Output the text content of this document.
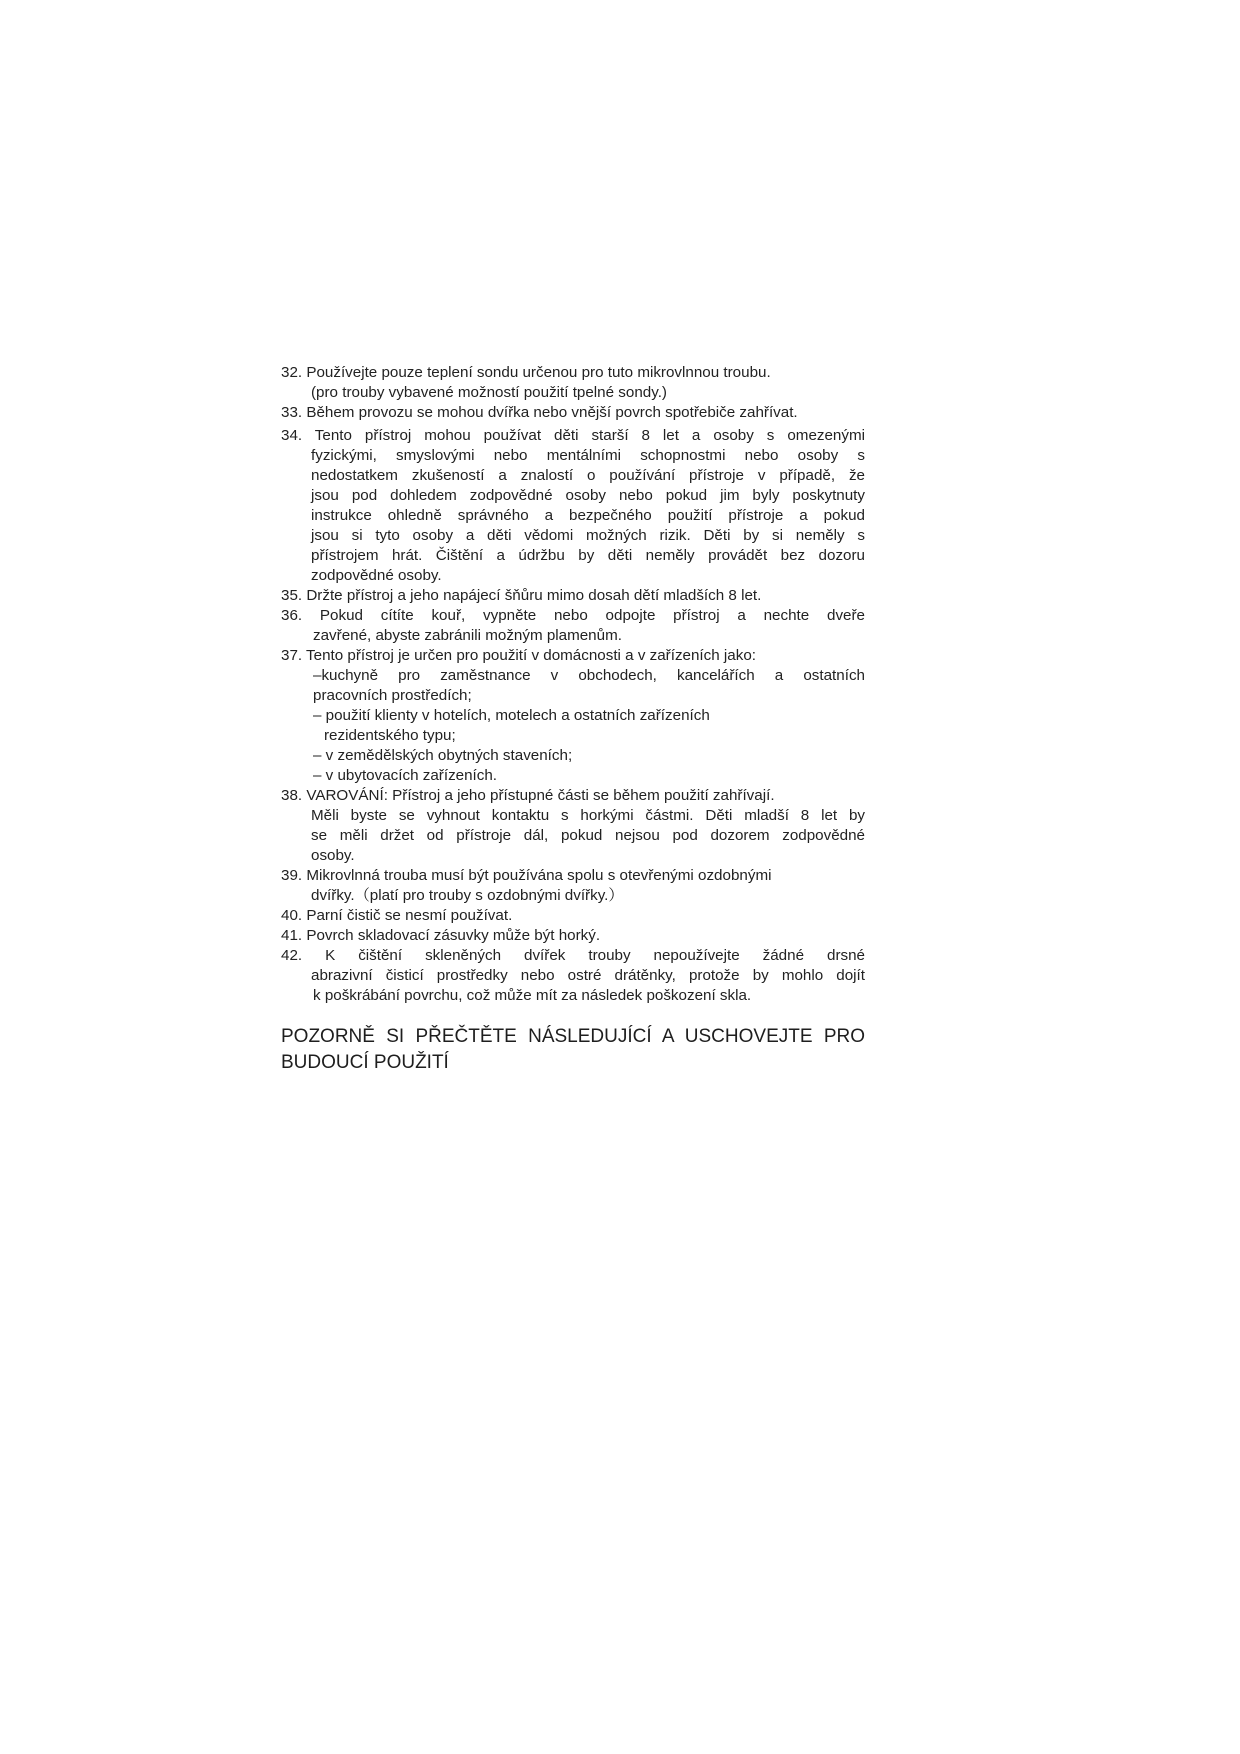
32. Používejte pouze teplení sondu určenou pro tuto mikrovlnnou troubu.
(pro trouby vybavené možností použití tpelné sondy.)
33. Během provozu se mohou dvířka nebo vnější povrch spotřebiče zahřívat.
34. Tento přístroj mohou používat děti starší 8 let a osoby s omezenými
fyzickými, smyslovými nebo mentálními schopnostmi nebo osoby s
nedostatkem zkušeností a znalostí o používání přístroje v případě, že
jsou pod dohledem zodpovědné osoby nebo pokud jim byly poskytnuty
instrukce ohledně správného a bezpečného použití přístroje a pokud
jsou si tyto osoby a děti vědomi možných rizik. Děti by si neměly s
přístrojem hrát. Čištění a údržbu by děti neměly provádět bez dozoru
zodpovědné osoby.
35. Držte přístroj a jeho napájecí šňůru mimo dosah dětí mladších 8 let.
36. Pokud cítíte kouř, vypněte nebo odpojte přístroj a nechte dveře
zavřené, abyste zabránili možným plamenům.
37. Tento přístroj je určen pro použití v domácnosti a v zařízeních jako:
–kuchyně pro zaměstnance v obchodech, kancelářích a ostatních
pracovních prostředích;
– použití klienty v hotelích, motelech a ostatních zařízeních
rezidentského typu;
– v zemědělských obytných staveních;
– v ubytovacích zařízeních.
38. VAROVÁNÍ: Přístroj a jeho přístupné části se během použití zahřívají.
Měli byste se vyhnout kontaktu s horkými částmi. Děti mladší 8 let by
se měli držet od přístroje dál, pokud nejsou pod dozorem zodpovědné
osoby.
39. Mikrovlnná trouba musí být používána spolu s otevřenými ozdobnými
dvířky.（platí pro trouby s ozdobnými dvířky.）
40. Parní čistič se nesmí používat.
41. Povrch skladovací zásuvky může být horký.
42. K čištění skleněných dvířek trouby nepoužívejte žádné drsné
abrazivní čisticí prostředky nebo ostré drátěnky, protože by mohlo dojít
k poškrábání povrchu, což může mít za následek poškození skla.
POZORNĚ SI PŘEČTĚTE NÁSLEDUJÍCÍ A USCHOVEJTE PRO
BUDOUCÍ POUŽITÍ
